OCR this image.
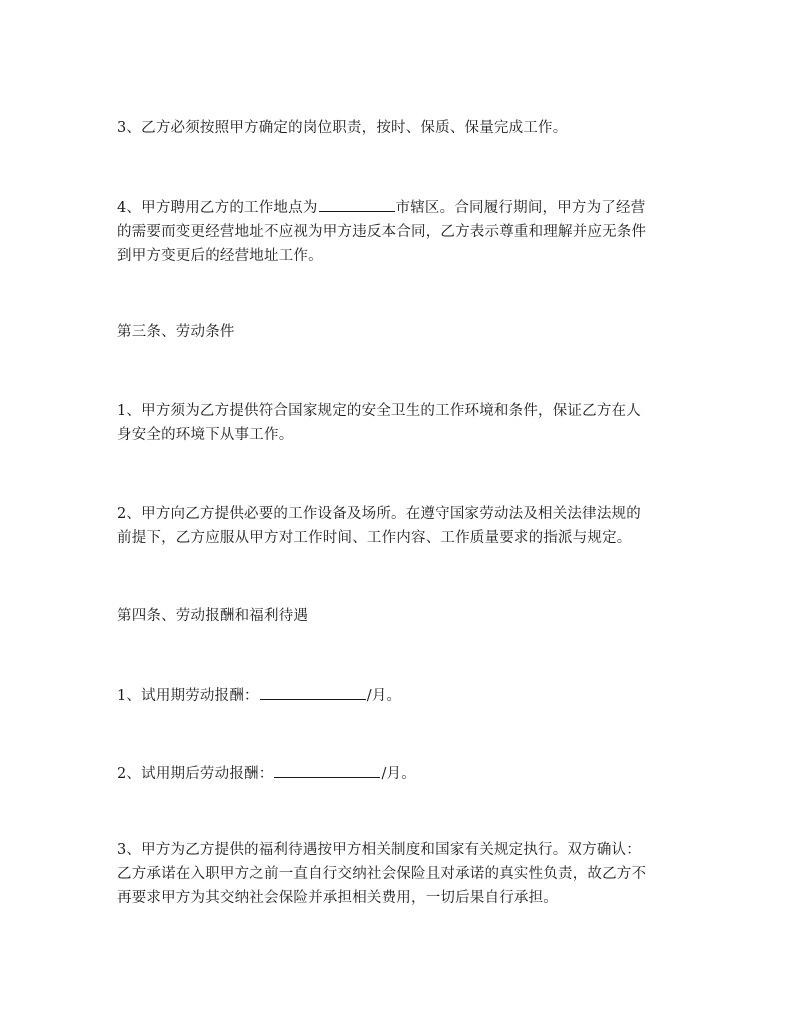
3、乙方必须按照甲方确定的岗位职责，按时、保质、保量完成工作。

4、甲方聘用乙方的工作地点为	市辖区。合同履行期间，甲方为了经营
的需要而变更经营地址不应视为甲方违反本合同，乙方表示尊重和理解并应无条件
到甲方变更后的经营地址工作。

第三条、劳动条件

1、甲方须为乙方提供符合国家规定的安全卫生的工作环境和条件，保证乙方在人
身安全的环境下从事工作。

2、甲方向乙方提供必要的工作设备及场所。在遵守国家劳动法及相关法律法规的
前提下，乙方应服从甲方对工作时间、工作内容、工作质量要求的指派与规定。

第四条、劳动报酬和福利待遇

1、试用期劳动报酬：	/月。

2、试用期后劳动报酬：	/月。

3、甲方为乙方提供的福利待遇按甲方相关制度和国家有关规定执行。双方确认：
乙方承诺在入职甲方之前一直自行交纳社会保险且对承诺的真实性负责，故乙方不
再要求甲方为其交纳社会保险并承担相关费用，一切后果自行承担。
